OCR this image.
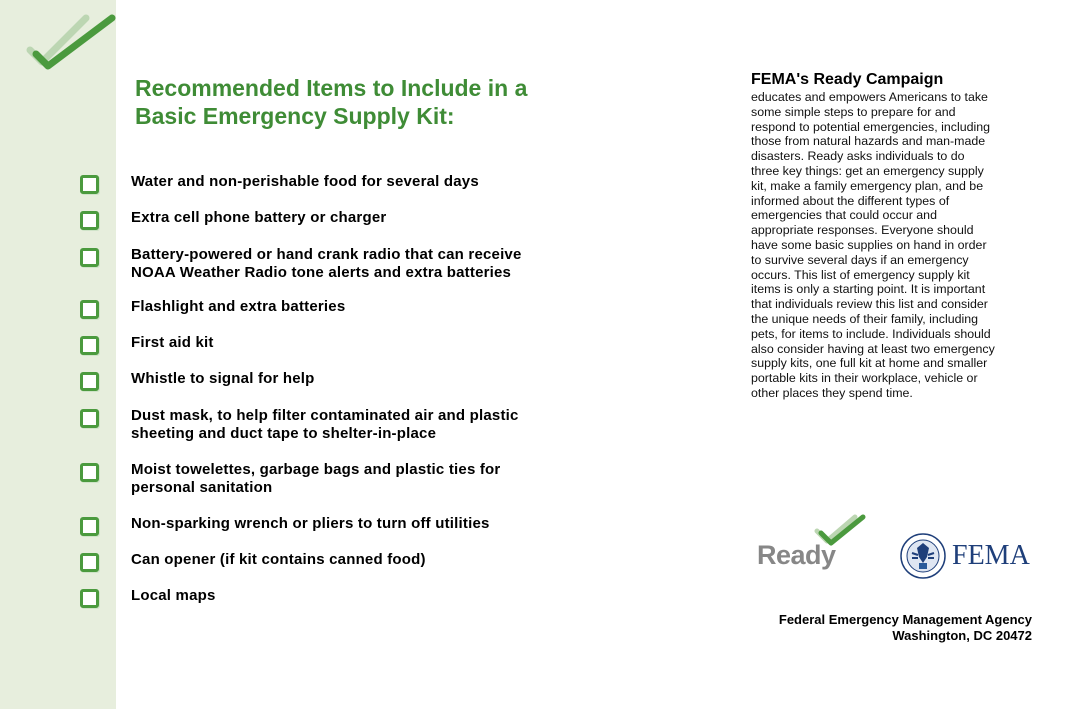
Recommended Items to Include in a
Basic Emergency Supply Kit:
Water and non-perishable food for several days
Extra cell phone battery or charger
Battery-powered or hand crank radio that can receive
NOAA Weather Radio tone alerts and extra batteries
Flashlight and extra batteries
First aid kit
Whistle to signal for help
Dust mask, to help filter contaminated air and plastic
sheeting and duct tape to shelter-in-place
Moist towelettes, garbage bags and plastic ties for
personal sanitation
Non-sparking wrench or pliers to turn off utilities
Can opener (if kit contains canned food)
Local maps
FEMA's Ready Campaign
educates and empowers Americans to take
some simple steps to prepare for and
respond to potential emergencies, including
those from natural hazards and man-made
disasters. Ready asks individuals to do
three key things: get an emergency supply
kit, make a family emergency plan, and be
informed about the different types of
emergencies that could occur and
appropriate responses. Everyone should
have some basic supplies on hand in order
to survive several days if an emergency
occurs. This list of emergency supply kit
items is only a starting point. It is important
that individuals review this list and consider
the unique needs of their family, including
pets, for items to include. Individuals should
also consider having at least two emergency
supply kits, one full kit at home and smaller
portable kits in their workplace, vehicle or
other places they spend time.
Ready	FEMA
Federal Emergency Management Agency
Washington, DC 20472
